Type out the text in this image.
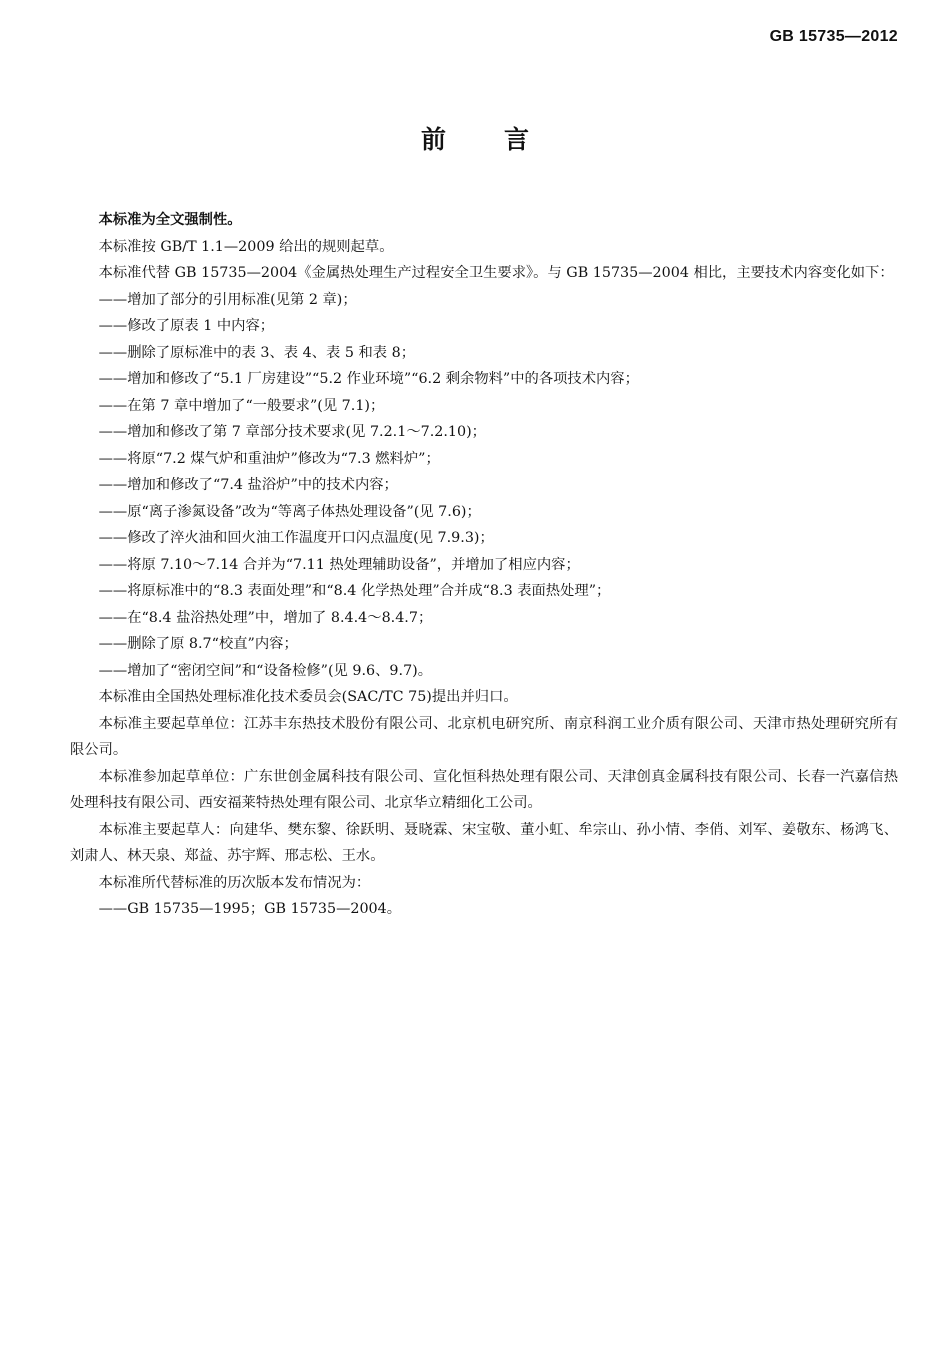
GB 15735—2012
前言

本标准为全文强制性。

本标准按 GB/T 1.1—2009 给出的规则起草。

本标准代替 GB 15735—2004《金属热处理生产过程安全卫生要求》。与 GB 15735—2004 相比，主要技术内容变化如下：

——增加了部分的引用标准(见第 2 章)；

——修改了原表 1 中内容；

——删除了原标准中的表 3、表 4、表 5 和表 8；

——增加和修改了“5.1 厂房建设”“5.2 作业环境”“6.2 剩余物料”中的各项技术内容；

——在第 7 章中增加了“一般要求”(见 7.1)；

——增加和修改了第 7 章部分技术要求(见 7.2.1～7.2.10)；

——将原“7.2 煤气炉和重油炉”修改为“7.3 燃料炉”；

——增加和修改了“7.4 盐浴炉”中的技术内容；

——原“离子渗氮设备”改为“等离子体热处理设备”(见 7.6)；

——修改了淬火油和回火油工作温度开口闪点温度(见 7.9.3)；

——将原 7.10～7.14 合并为“7.11 热处理辅助设备”，并增加了相应内容；

——将原标准中的“8.3 表面处理”和“8.4 化学热处理”合并成“8.3 表面热处理”；

——在“8.4 盐浴热处理”中，增加了 8.4.4～8.4.7；

——删除了原 8.7“校直”内容；

——增加了“密闭空间”和“设备检修”(见 9.6、9.7)。

本标准由全国热处理标准化技术委员会(SAC/TC 75)提出并归口。

本标准主要起草单位：江苏丰东热技术股份有限公司、北京机电研究所、南京科润工业介质有限公司、天津市热处理研究所有限公司。

本标准参加起草单位：广东世创金属科技有限公司、宣化恒科热处理有限公司、天津创真金属科技有限公司、长春一汽嘉信热处理科技有限公司、西安福莱特热处理有限公司、北京华立精细化工公司。

本标准主要起草人：向建华、樊东黎、徐跃明、聂晓霖、宋宝敬、董小虹、牟宗山、孙小情、李俏、刘军、姜敬东、杨鸿飞、刘肃人、林天泉、郑益、苏宇辉、邢志松、王水。

本标准所代替标准的历次版本发布情况为：

——GB 15735—1995；GB 15735—2004。
